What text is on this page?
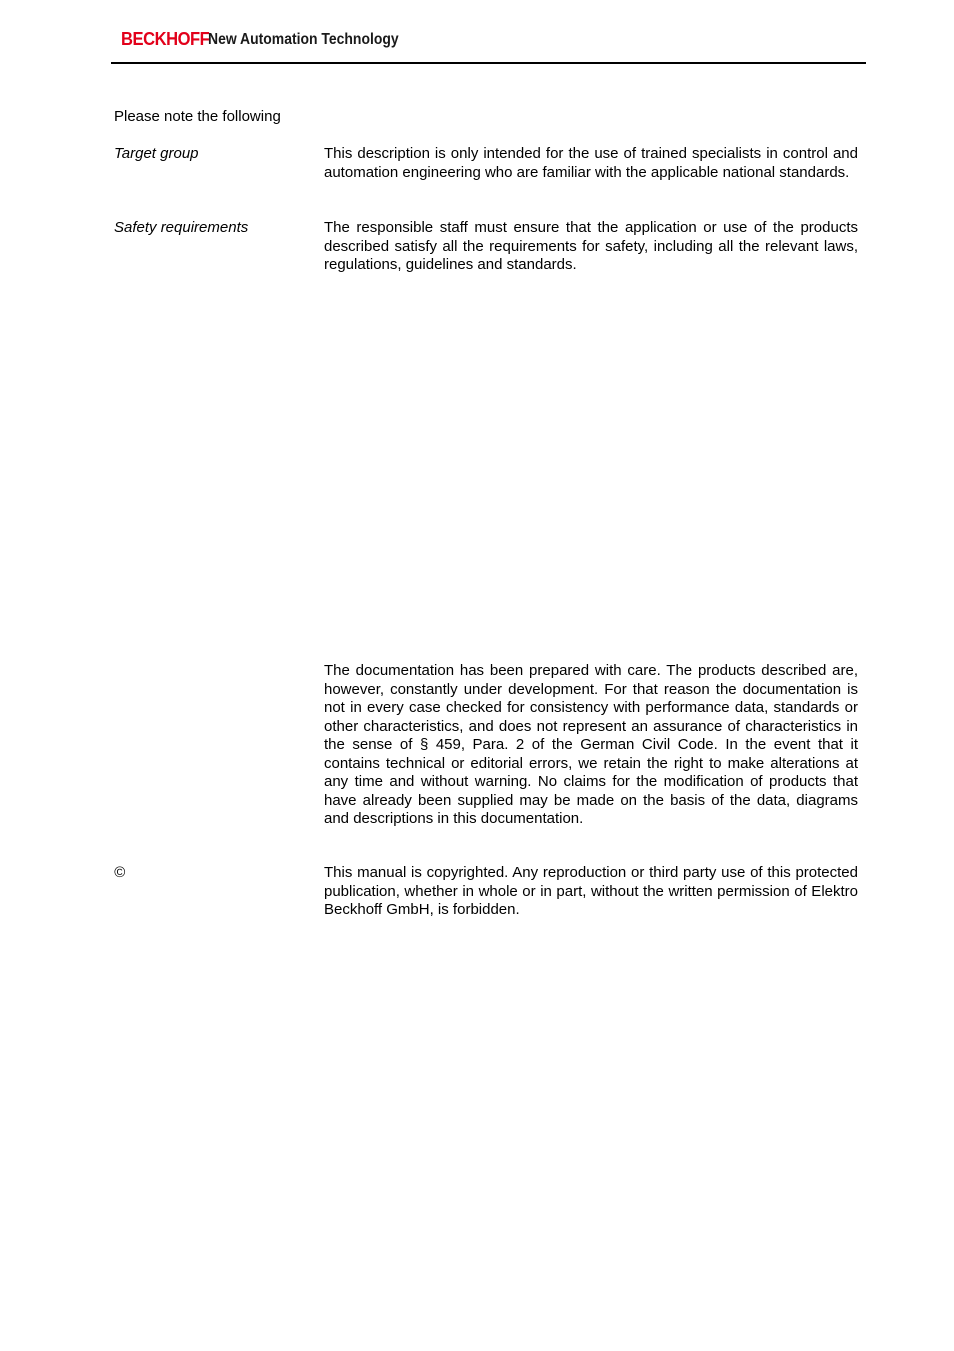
BECKHOFF
New Automation Technology
Please note the following
Target group	This description is only intended for the use of trained specialists in control and automation engineering who are familiar with the applicable national standards.
Safety requirements	The responsible staff must ensure that the application or use of the products described satisfy all the requirements for safety, including all the relevant laws, regulations, guidelines and standards.
The documentation has been prepared with care. The products described are, however, constantly under development. For that reason the documentation is not in every case checked for consistency with performance data, standards or other characteristics, and does not represent an assurance of characteristics in the sense of § 459, Para. 2 of the German Civil Code. In the event that it contains technical or editorial errors, we retain the right to make alterations at any time and without warning. No claims for the modification of products that have already been supplied may be made on the basis of the data, diagrams and descriptions in this documentation.
©	This manual is copyrighted. Any reproduction or third party use of this protected publication, whether in whole or in part, without the written permission of Elektro Beckhoff GmbH, is forbidden.
